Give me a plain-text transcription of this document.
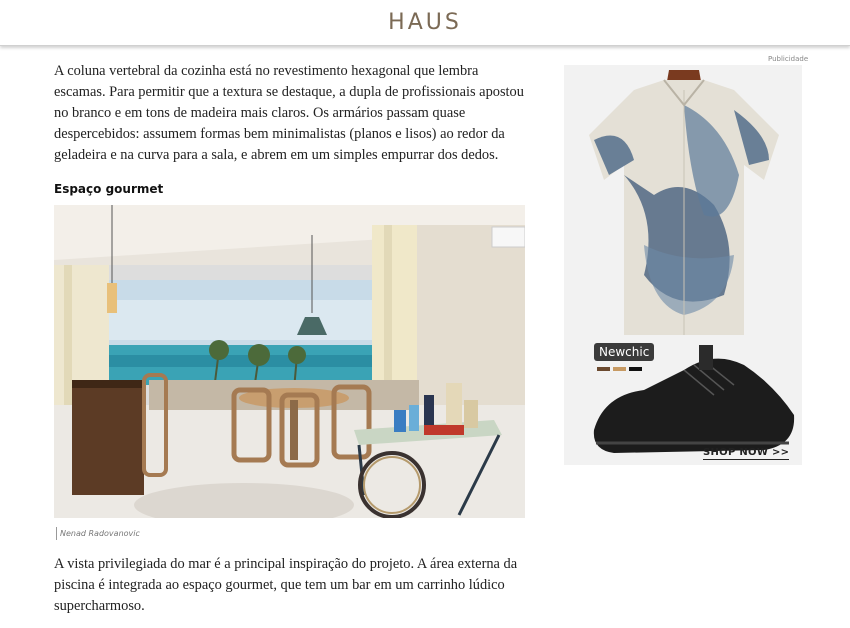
HAUS

A coluna vertebral da cozinha está no revestimento hexagonal que lembra escamas. Para permitir que a textura se destaque, a dupla de profissionais apostou no branco e em tons de madeira mais claros. Os armários passam quase despercebidos: assumem formas bem minimalistas (planos e lisos) ao redor da geladeira e na curva para a sala, e abrem em um simples empurrar dos dedos.

Espaço gourmet
Nenad Radovanovic

A vista privilegiada do mar é a principal inspiração do projeto. A área externa da piscina é integrada ao espaço gourmet, que tem um bar em um carrinho lúdico supercharmoso.

Publicidade
Newchic
SHOP NOW >>
